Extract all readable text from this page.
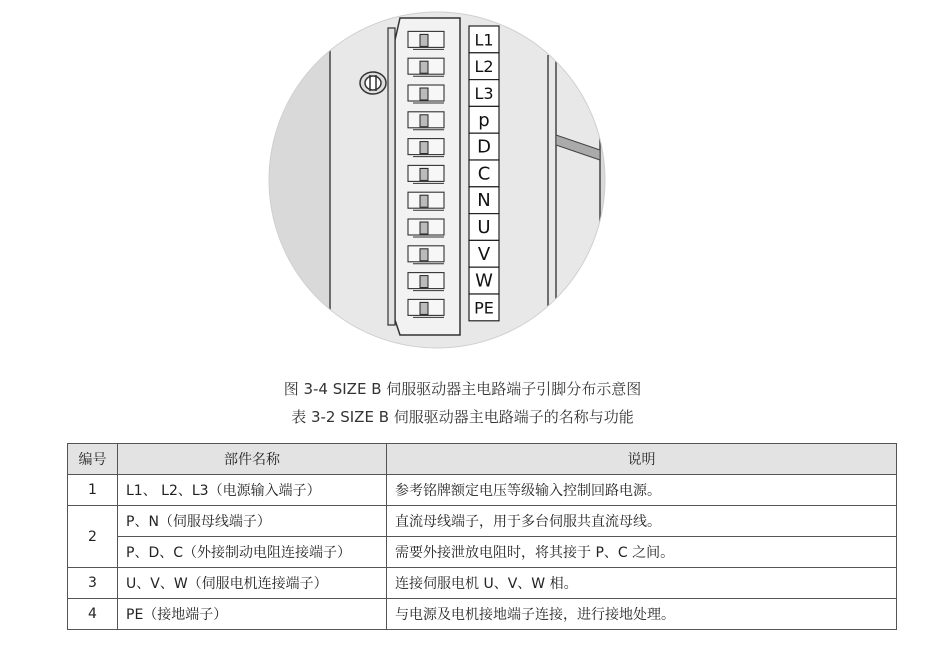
L1
L2
L3
p
D
C
N
U
V
W
PE
图 3-4 SIZE B 伺服驱动器主电路端子引脚分布示意图
表 3-2 SIZE B 伺服驱动器主电路端子的名称与功能
编号	部件名称	说明
1	L1、 L2、L3（电源输入端子）	参考铭牌额定电压等级输入控制回路电源。
2	P、N（伺服母线端子）	直流母线端子，用于多台伺服共直流母线。
	P、D、C（外接制动电阻连接端子）	需要外接泄放电阻时，将其接于 P、C 之间。
3	U、V、W（伺服电机连接端子）	连接伺服电机 U、V、W 相。
4	PE（接地端子）	与电源及电机接地端子连接，进行接地处理。
